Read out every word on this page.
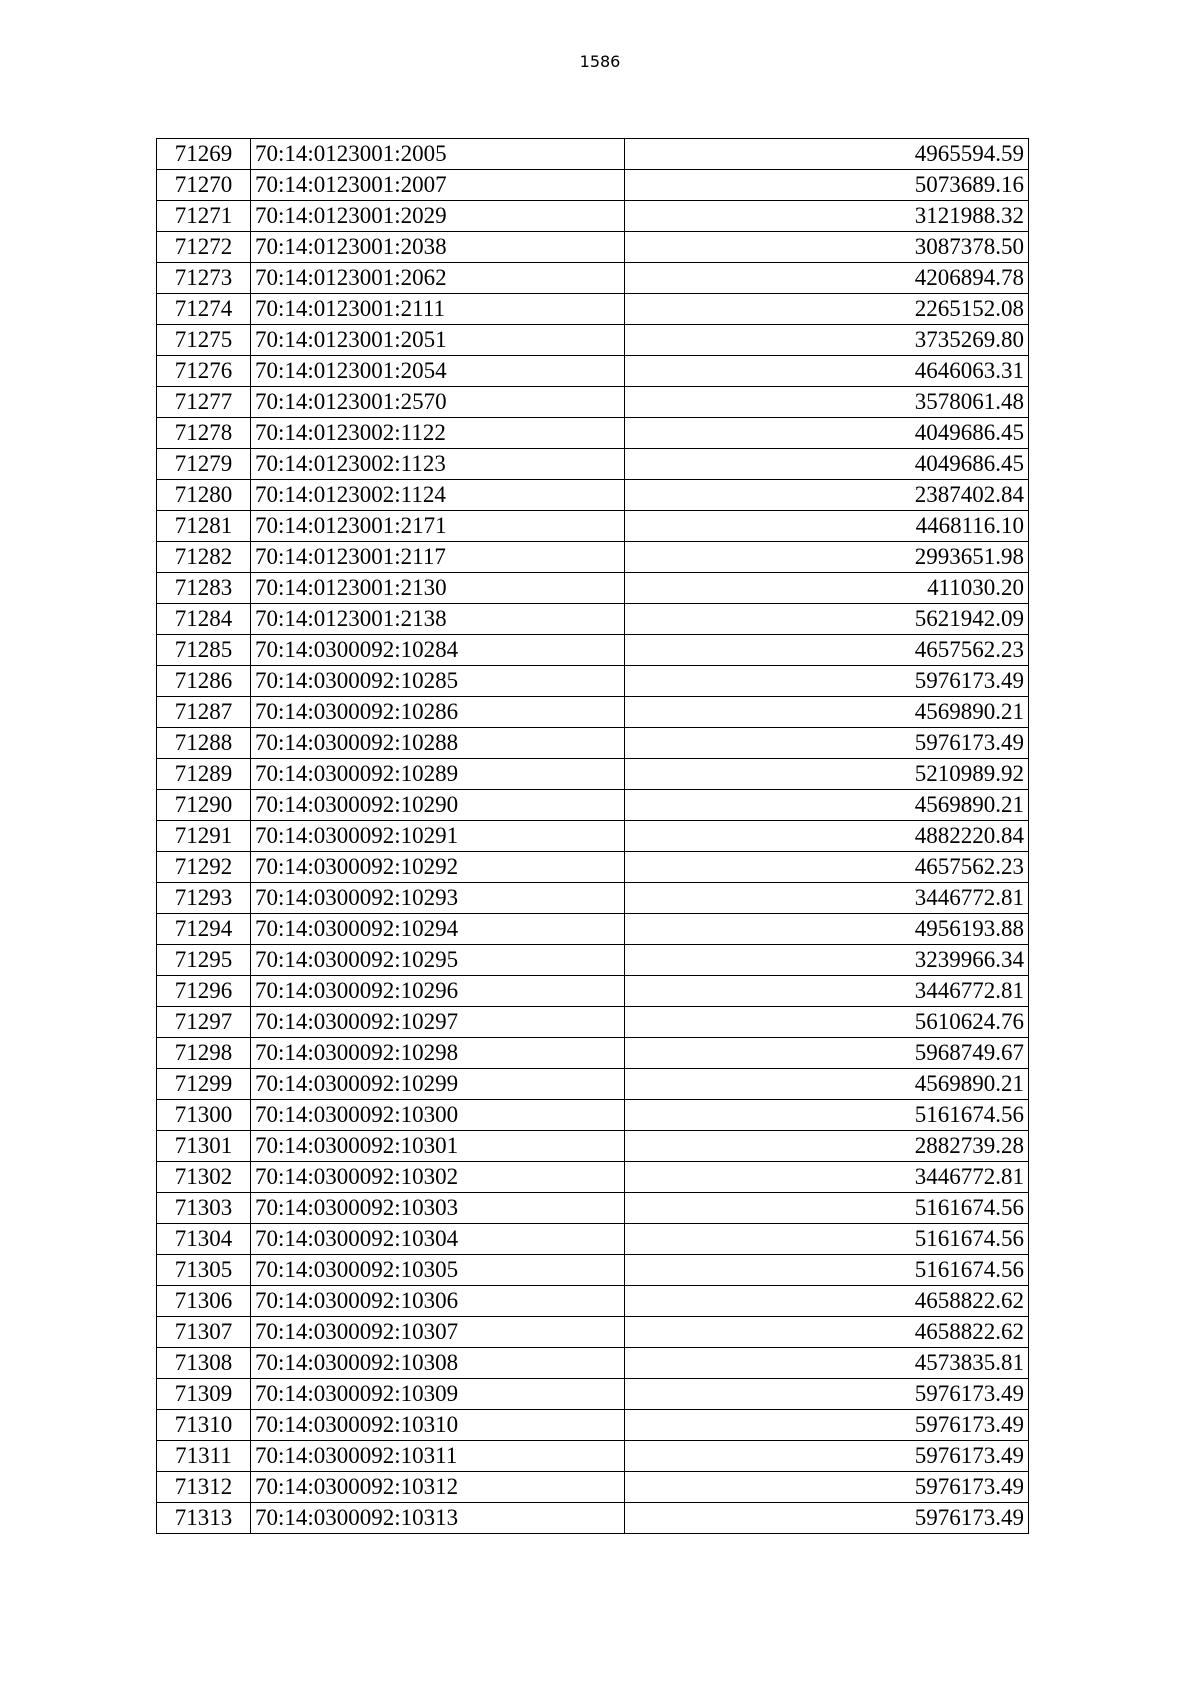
1586
71269	70:14:0123001:2005	4965594.59
71270	70:14:0123001:2007	5073689.16
71271	70:14:0123001:2029	3121988.32
71272	70:14:0123001:2038	3087378.50
71273	70:14:0123001:2062	4206894.78
71274	70:14:0123001:2111	2265152.08
71275	70:14:0123001:2051	3735269.80
71276	70:14:0123001:2054	4646063.31
71277	70:14:0123001:2570	3578061.48
71278	70:14:0123002:1122	4049686.45
71279	70:14:0123002:1123	4049686.45
71280	70:14:0123002:1124	2387402.84
71281	70:14:0123001:2171	4468116.10
71282	70:14:0123001:2117	2993651.98
71283	70:14:0123001:2130	411030.20
71284	70:14:0123001:2138	5621942.09
71285	70:14:0300092:10284	4657562.23
71286	70:14:0300092:10285	5976173.49
71287	70:14:0300092:10286	4569890.21
71288	70:14:0300092:10288	5976173.49
71289	70:14:0300092:10289	5210989.92
71290	70:14:0300092:10290	4569890.21
71291	70:14:0300092:10291	4882220.84
71292	70:14:0300092:10292	4657562.23
71293	70:14:0300092:10293	3446772.81
71294	70:14:0300092:10294	4956193.88
71295	70:14:0300092:10295	3239966.34
71296	70:14:0300092:10296	3446772.81
71297	70:14:0300092:10297	5610624.76
71298	70:14:0300092:10298	5968749.67
71299	70:14:0300092:10299	4569890.21
71300	70:14:0300092:10300	5161674.56
71301	70:14:0300092:10301	2882739.28
71302	70:14:0300092:10302	3446772.81
71303	70:14:0300092:10303	5161674.56
71304	70:14:0300092:10304	5161674.56
71305	70:14:0300092:10305	5161674.56
71306	70:14:0300092:10306	4658822.62
71307	70:14:0300092:10307	4658822.62
71308	70:14:0300092:10308	4573835.81
71309	70:14:0300092:10309	5976173.49
71310	70:14:0300092:10310	5976173.49
71311	70:14:0300092:10311	5976173.49
71312	70:14:0300092:10312	5976173.49
71313	70:14:0300092:10313	5976173.49
